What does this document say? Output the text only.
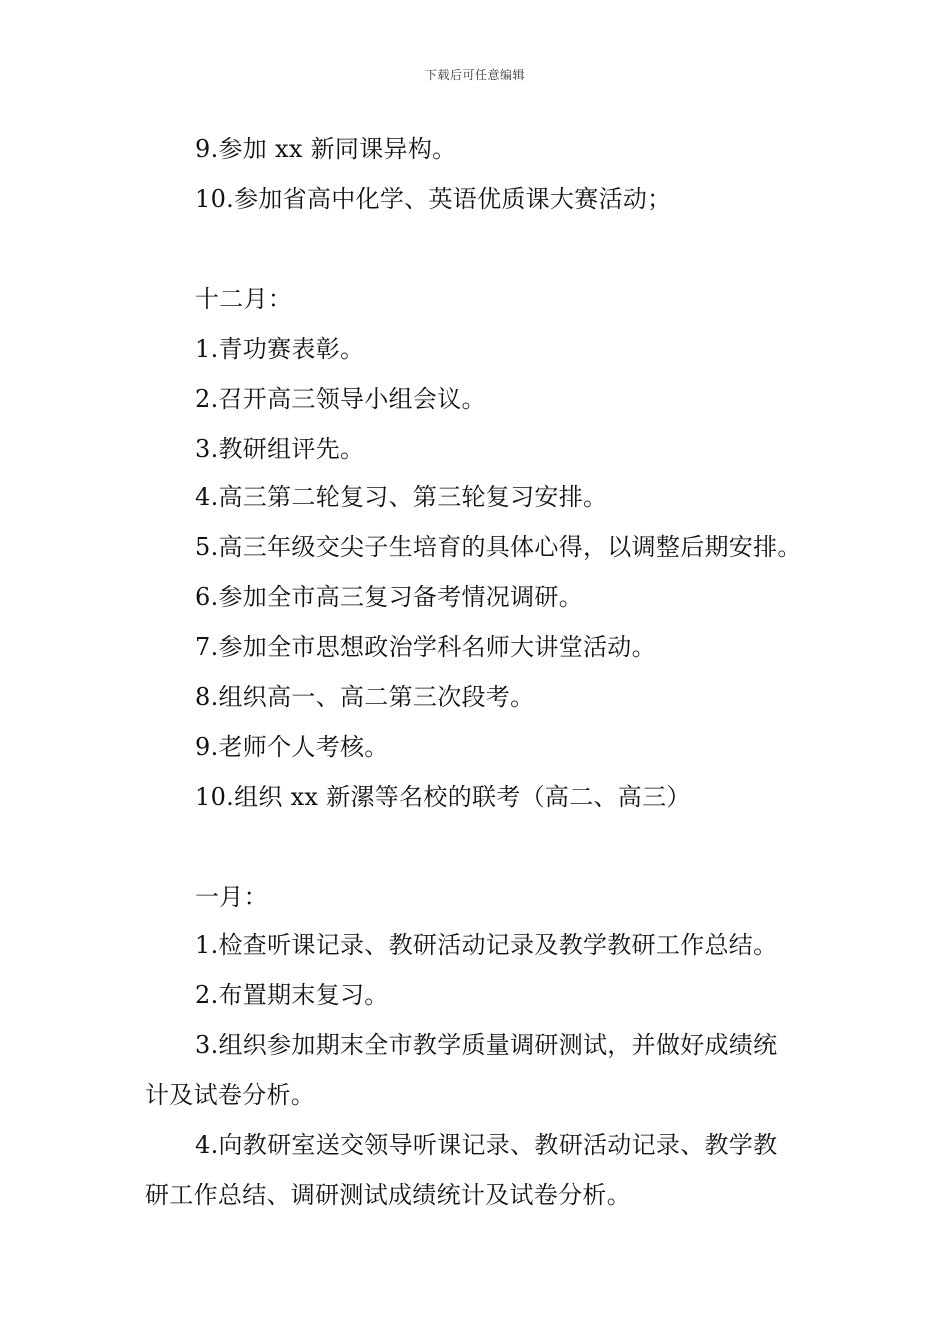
下载后可任意编辑
9.参加 xx 新同课异构。
10.参加省高中化学、英语优质课大赛活动；
十二月：
1.青功赛表彰。
2.召开高三领导小组会议。
3.教研组评先。
4.高三第二轮复习、第三轮复习安排。
5.高三年级交尖子生培育的具体心得，以调整后期安排。
6.参加全市高三复习备考情况调研。
7.参加全市思想政治学科名师大讲堂活动。
8.组织高一、高二第三次段考。
9.老师个人考核。
10.组织 xx 新漯等名校的联考（高二、高三）
一月：
1.检查听课记录、教研活动记录及教学教研工作总结。
2.布置期末复习。
3.组织参加期末全市教学质量调研测试，并做好成绩统
计及试卷分析。
4.向教研室送交领导听课记录、教研活动记录、教学教
研工作总结、调研测试成绩统计及试卷分析。
